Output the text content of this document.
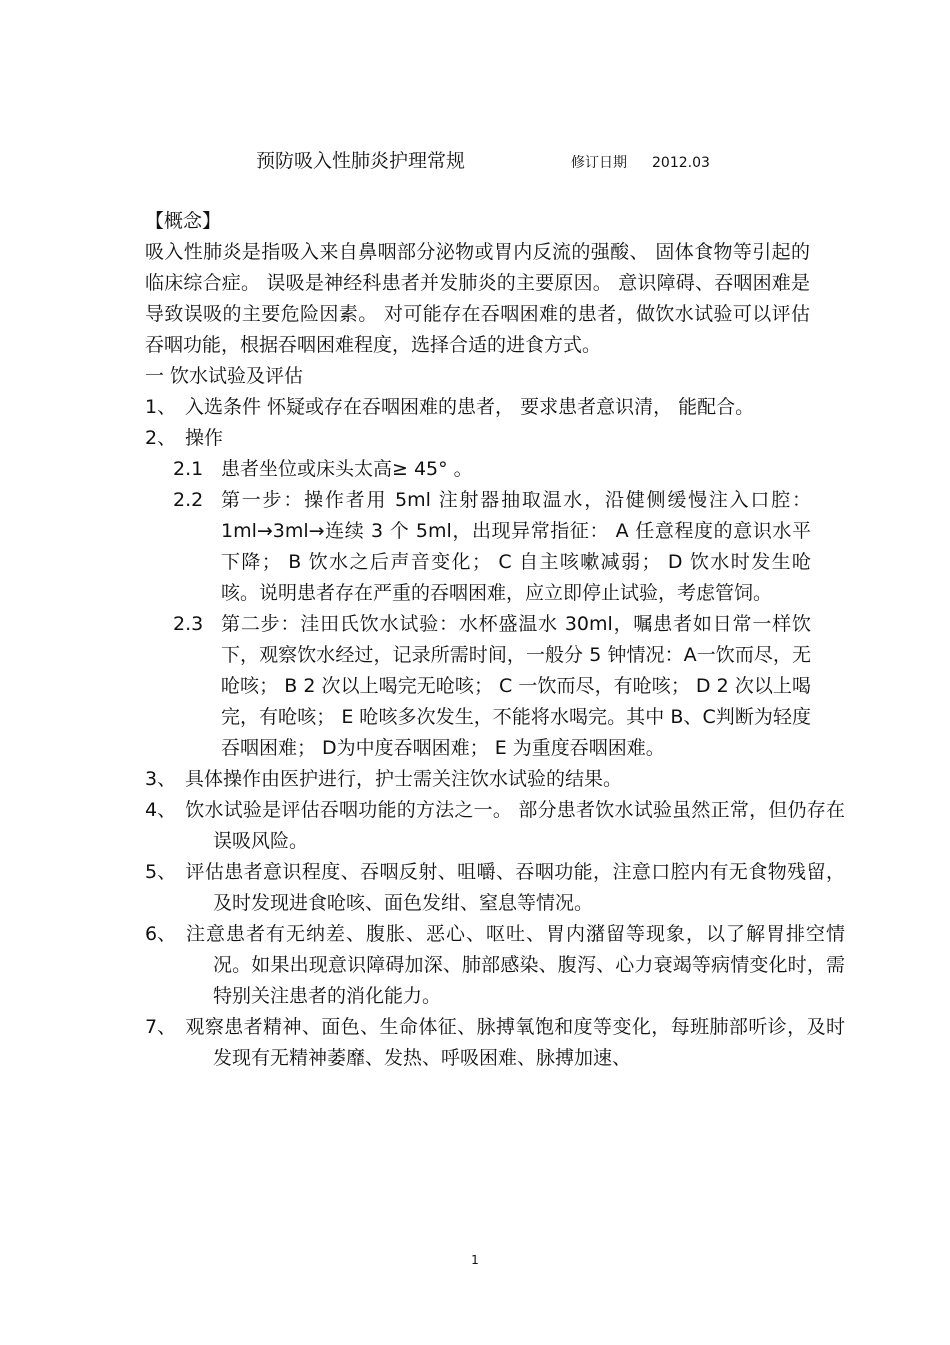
预防吸入性肺炎护理常规	修订日期 2012.03

【概念】

吸入性肺炎是指吸入来自鼻咽部分泌物或胃内反流的强酸、 固体食物等引起的临床综合症。 误吸是神经科患者并发肺炎的主要原因。 意识障碍、吞咽困难是导致误吸的主要危险因素。 对可能存在吞咽困难的患者，做饮水试验可以评估吞咽功能，根据吞咽困难程度，选择合适的进食方式。

一 饮水试验及评估

1、 入选条件 怀疑或存在吞咽困难的患者， 要求患者意识清， 能配合。
2、 操作
2.1 患者坐位或床头太高≥ 45° 。
2.2 第一步：操作者用 5ml 注射器抽取温水，沿健侧缓慢注入口腔：1ml→3ml→连续 3 个 5ml，出现异常指征： A 任意程度的意识水平下降； B 饮水之后声音变化； C 自主咳嗽减弱； D 饮水时发生呛咳。说明患者存在严重的吞咽困难，应立即停止试验，考虑管饲。
2.3 第二步：洼田氏饮水试验：水杯盛温水 30ml，嘱患者如日常一样饮下，观察饮水经过，记录所需时间，一般分 5 钟情况：A一饮而尽，无呛咳； B 2 次以上喝完无呛咳； C 一饮而尽，有呛咳； D 2 次以上喝完，有呛咳； E 呛咳多次发生，不能将水喝完。其中 B、C判断为轻度吞咽困难； D为中度吞咽困难； E 为重度吞咽困难。
3、 具体操作由医护进行，护士需关注饮水试验的结果。
4、 饮水试验是评估吞咽功能的方法之一。 部分患者饮水试验虽然正常，但仍存在误吸风险。
5、 评估患者意识程度、吞咽反射、咀嚼、吞咽功能，注意口腔内有无食物残留，及时发现进食呛咳、面色发绀、窒息等情况。
6、 注意患者有无纳差、腹胀、恶心、呕吐、胃内潴留等现象，以了解胃排空情况。如果出现意识障碍加深、肺部感染、腹泻、心力衰竭等病情变化时，需特别关注患者的消化能力。
7、 观察患者精神、面色、生命体征、脉搏氧饱和度等变化，每班肺部听诊，及时发现有无精神萎靡、发热、呼吸困难、脉搏加速、
1
